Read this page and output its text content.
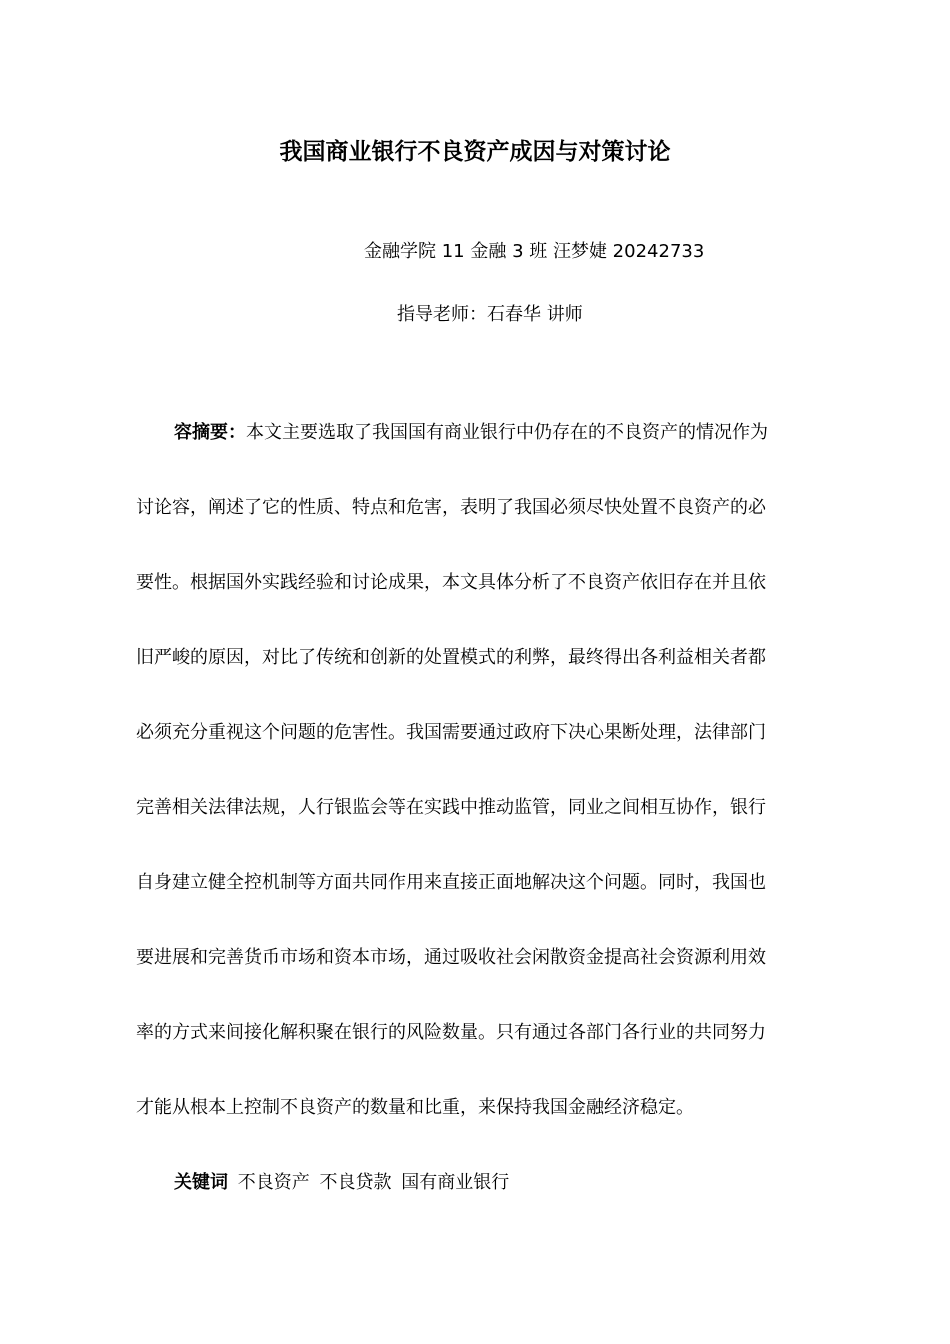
我国商业银行不良资产成因与对策讨论
金融学院 11 金融 3 班 汪梦婕 20242733
指导老师：石春华 讲师
容摘要：本文主要选取了我国国有商业银行中仍存在的不良资产的情况作为
讨论容，阐述了它的性质、特点和危害，表明了我国必须尽快处置不良资产的必
要性。根据国外实践经验和讨论成果，本文具体分析了不良资产依旧存在并且依
旧严峻的原因，对比了传统和创新的处置模式的利弊，最终得出各利益相关者都
必须充分重视这个问题的危害性。我国需要通过政府下决心果断处理，法律部门
完善相关法律法规，人行银监会等在实践中推动监管，同业之间相互协作，银行
自身建立健全控机制等方面共同作用来直接正面地解决这个问题。同时，我国也
要进展和完善货币市场和资本市场，通过吸收社会闲散资金提高社会资源利用效
率的方式来间接化解积聚在银行的风险数量。只有通过各部门各行业的共同努力
才能从根本上控制不良资产的数量和比重，来保持我国金融经济稳定。
关键词 不良资产 不良贷款 国有商业银行
